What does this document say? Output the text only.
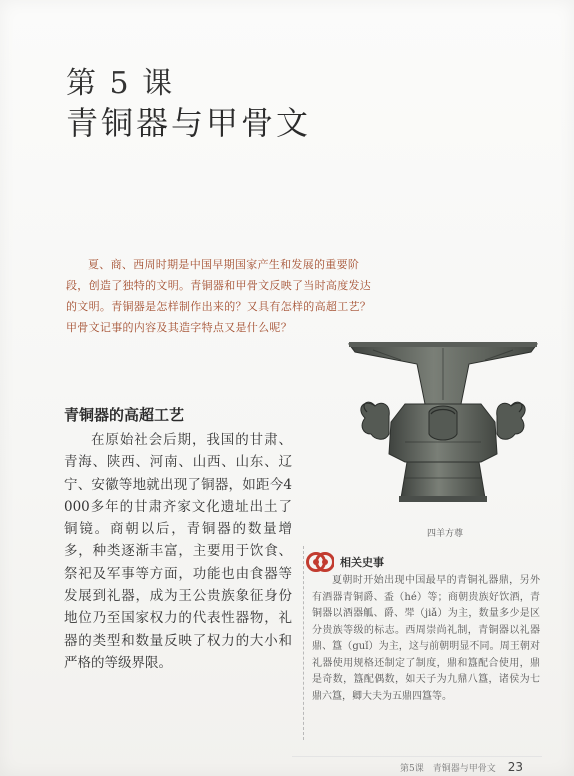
第 5 课
青铜器与甲骨文

夏、商、西周时期是中国早期国家产生和发展的重要阶段，创造了独特的文明。青铜器和甲骨文反映了当时高度发达的文明。青铜器是怎样制作出来的？又具有怎样的高超工艺？甲骨文记事的内容及其造字特点又是什么呢？

四羊方尊
青铜器的高超工艺

在原始社会后期，我国的甘肃、青海、陕西、河南、山西、山东、辽宁、安徽等地就出现了铜器，如距今4 000多年的甘肃齐家文化遗址出土了铜镜。商朝以后，青铜器的数量增多，种类逐渐丰富，主要用于饮食、祭祀及军事等方面，功能也由食器等发展到礼器，成为王公贵族象征身份地位乃至国家权力的代表性器物，礼器的类型和数量反映了权力的大小和严格的等级界限。

相关史事

夏朝时开始出现中国最早的青铜礼器鼎，另外有酒器青铜爵、盉（hé）等；商朝贵族好饮酒，青铜器以酒器觚、爵、斝（jiǎ）为主，数量多少是区分贵族等级的标志。西周崇尚礼制，青铜器以礼器鼎、簋（guǐ）为主，这与前朝明显不同。周王朝对礼器使用规格还制定了制度，鼎和簋配合使用，鼎是奇数，簋配偶数，如天子为九鼎八簋，诸侯为七鼎六簋，卿大夫为五鼎四簋等。

第5课　青铜器与甲骨文 23
